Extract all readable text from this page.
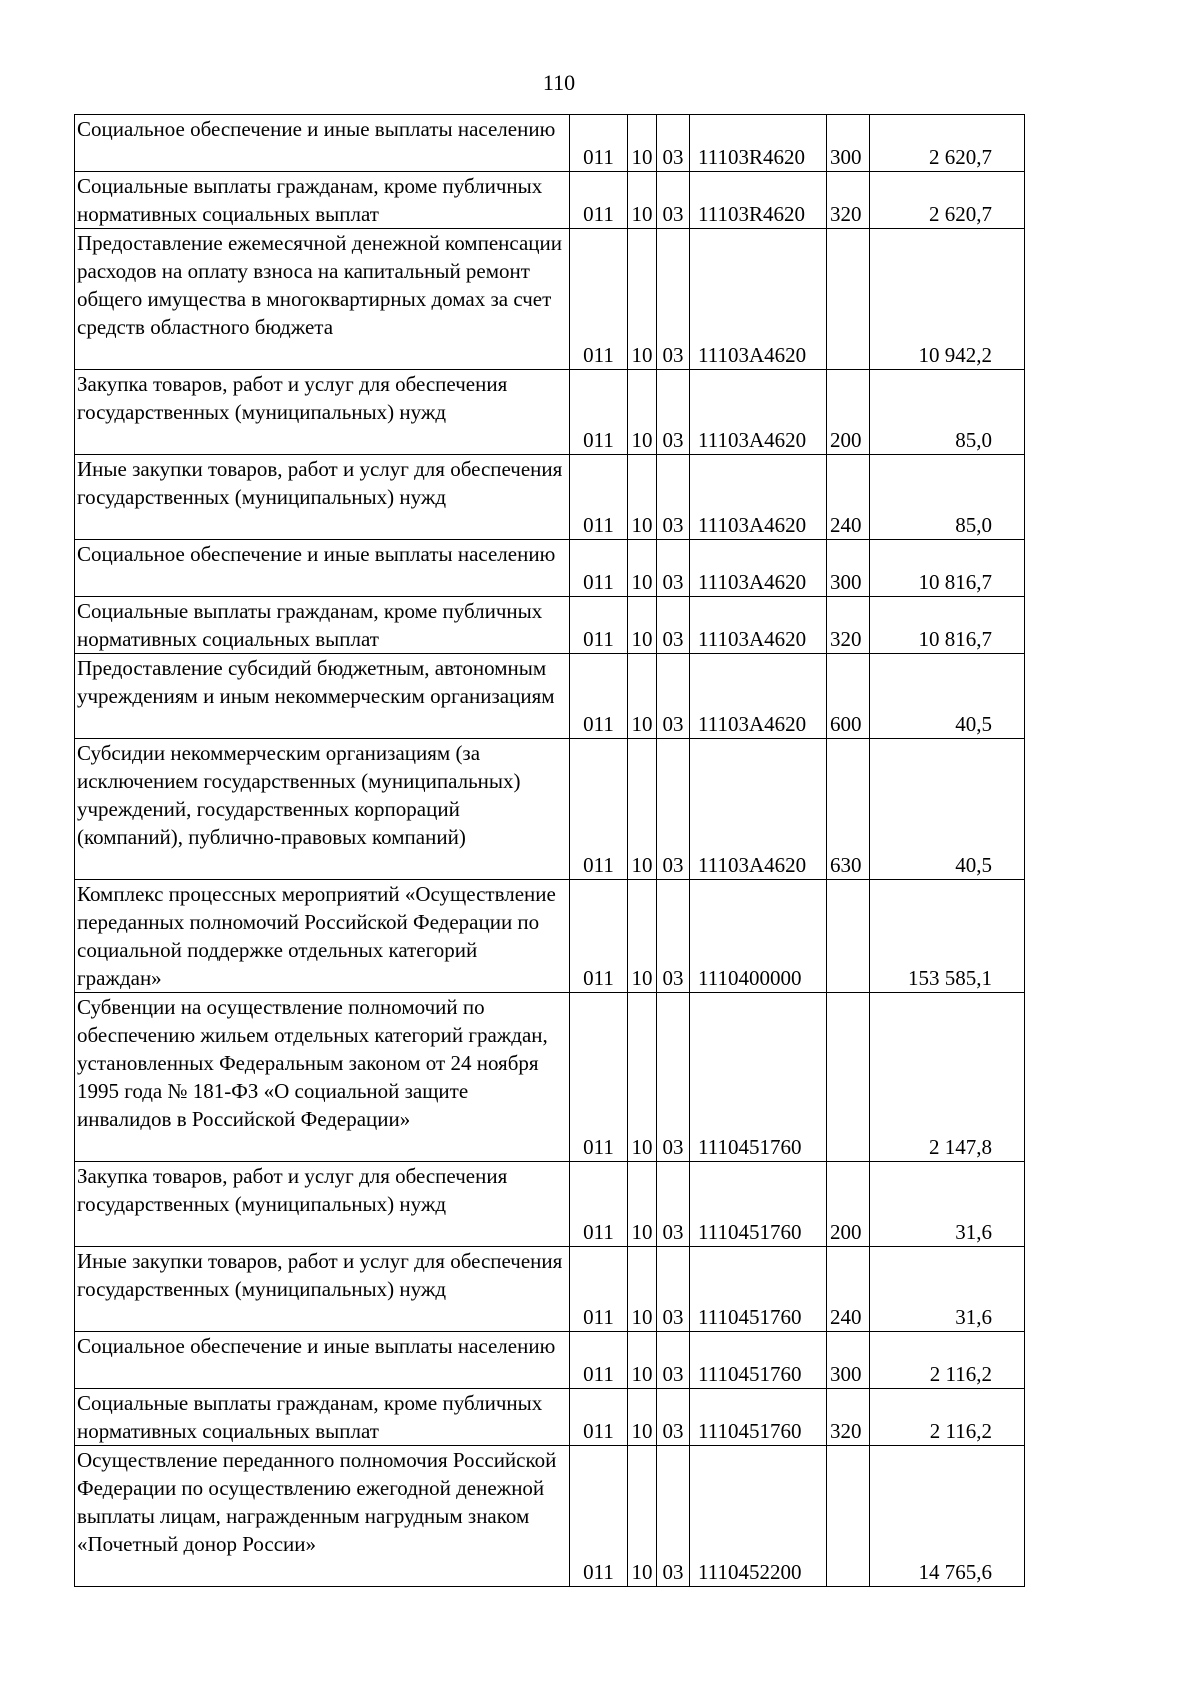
110
Социальное обеспечение и иные выплаты населению	011	10	03	11103R4620	300	2 620,7
Социальные выплаты гражданам, кроме публичных нормативных социальных выплат	011	10	03	11103R4620	320	2 620,7
Предоставление ежемесячной денежной компенсации расходов на оплату взноса на капитальный ремонт общего имущества в многоквартирных домах за счет средств областного бюджета	011	10	03	11103A4620		10 942,2
Закупка товаров, работ и услуг для обеспечения государственных (муниципальных) нужд	011	10	03	11103A4620	200	85,0
Иные закупки товаров, работ и услуг для обеспечения государственных (муниципальных) нужд	011	10	03	11103A4620	240	85,0
Социальное обеспечение и иные выплаты населению	011	10	03	11103A4620	300	10 816,7
Социальные выплаты гражданам, кроме публичных нормативных социальных выплат	011	10	03	11103A4620	320	10 816,7
Предоставление субсидий бюджетным, автономным учреждениям и иным некоммерческим организациям	011	10	03	11103A4620	600	40,5
Субсидии некоммерческим организациям (за исключением государственных (муниципальных) учреждений, государственных корпораций (компаний), публично-правовых компаний)	011	10	03	11103A4620	630	40,5
Комплекс процессных мероприятий «Осуществление переданных полномочий Российской Федерации по социальной поддержке отдельных категорий граждан»	011	10	03	1110400000		153 585,1
Субвенции на осуществление полномочий по обеспечению жильем отдельных категорий граждан, установленных Федеральным законом от 24 ноября 1995 года № 181-ФЗ «О социальной защите инвалидов в Российской Федерации»	011	10	03	1110451760		2 147,8
Закупка товаров, работ и услуг для обеспечения государственных (муниципальных) нужд	011	10	03	1110451760	200	31,6
Иные закупки товаров, работ и услуг для обеспечения государственных (муниципальных) нужд	011	10	03	1110451760	240	31,6
Социальное обеспечение и иные выплаты населению	011	10	03	1110451760	300	2 116,2
Социальные выплаты гражданам, кроме публичных нормативных социальных выплат	011	10	03	1110451760	320	2 116,2
Осуществление переданного полномочия Российской Федерации по осуществлению ежегодной денежной выплаты лицам, награжденным нагрудным знаком «Почетный донор России»	011	10	03	1110452200		14 765,6
